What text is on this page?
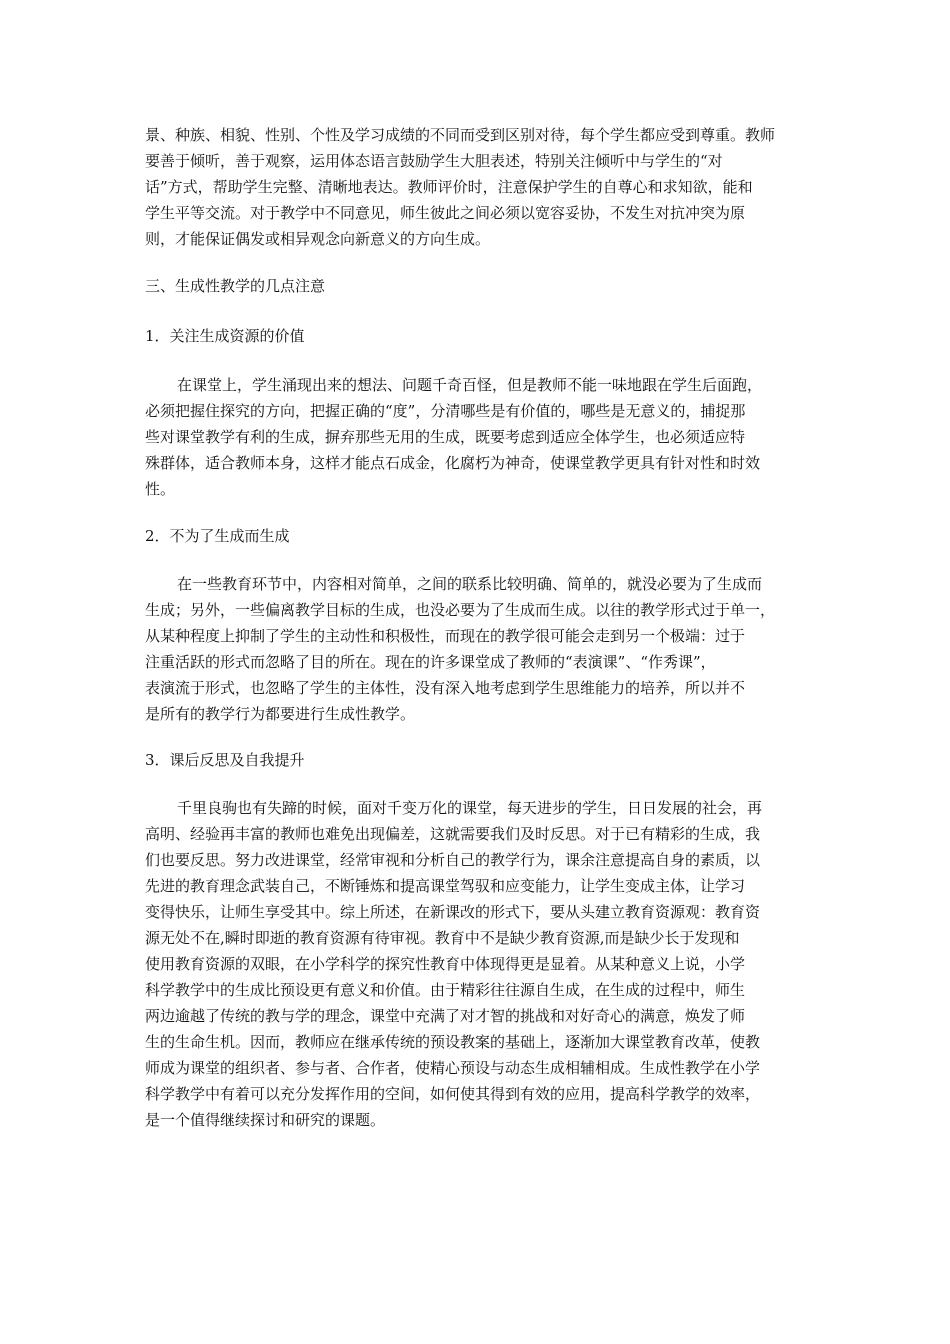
景、种族、相貌、性别、个性及学习成绩的不同而受到区别对待，每个学生都应受到尊重。教师
要善于倾听，善于观察，运用体态语言鼓励学生大胆表述，特别关注倾听中与学生的“对
话”方式，帮助学生完整、清晰地表达。教师评价时，注意保护学生的自尊心和求知欲，能和
学生平等交流。对于教学中不同意见，师生彼此之间必须以宽容妥协，不发生对抗冲突为原
则，才能保证偶发或相异观念向新意义的方向生成。
三、生成性教学的几点注意
1．关注生成资源的价值
在课堂上，学生涌现出来的想法、问题千奇百怪，但是教师不能一味地跟在学生后面跑，
必须把握住探究的方向，把握正确的“度”，分清哪些是有价值的，哪些是无意义的，捕捉那
些对课堂教学有利的生成，摒弃那些无用的生成，既要考虑到适应全体学生，也必须适应特
殊群体，适合教师本身，这样才能点石成金，化腐朽为神奇，使课堂教学更具有针对性和时效
性。
2．不为了生成而生成
在一些教育环节中，内容相对简单，之间的联系比较明确、简单的，就没必要为了生成而
生成；另外，一些偏离教学目标的生成，也没必要为了生成而生成。以往的教学形式过于单一，
从某种程度上抑制了学生的主动性和积极性，而现在的教学很可能会走到另一个极端：过于
注重活跃的形式而忽略了目的所在。现在的许多课堂成了教师的“表演课”、“作秀课”，
表演流于形式，也忽略了学生的主体性，没有深入地考虑到学生思维能力的培养，所以并不
是所有的教学行为都要进行生成性教学。
3．课后反思及自我提升
千里良驹也有失蹄的时候，面对千变万化的课堂，每天进步的学生，日日发展的社会，再
高明、经验再丰富的教师也难免出现偏差，这就需要我们及时反思。对于已有精彩的生成，我
们也要反思。努力改进课堂，经常审视和分析自己的教学行为，课余注意提高自身的素质，以
先进的教育理念武装自己，不断锤炼和提高课堂驾驭和应变能力，让学生变成主体，让学习
变得快乐，让师生享受其中。综上所述，在新课改的形式下，要从头建立教育资源观：教育资
源无处不在,瞬时即逝的教育资源有待审视。教育中不是缺少教育资源,而是缺少长于发现和
使用教育资源的双眼，在小学科学的探究性教育中体现得更是显着。从某种意义上说，小学
科学教学中的生成比预设更有意义和价值。由于精彩往往源自生成，在生成的过程中，师生
两边逾越了传统的教与学的理念，课堂中充满了对才智的挑战和对好奇心的满意，焕发了师
生的生命生机。因而，教师应在继承传统的预设教案的基础上，逐渐加大课堂教育改革，使教
师成为课堂的组织者、参与者、合作者，使精心预设与动态生成相辅相成。生成性教学在小学
科学教学中有着可以充分发挥作用的空间，如何使其得到有效的应用，提高科学教学的效率，
是一个值得继续探讨和研究的课题。
